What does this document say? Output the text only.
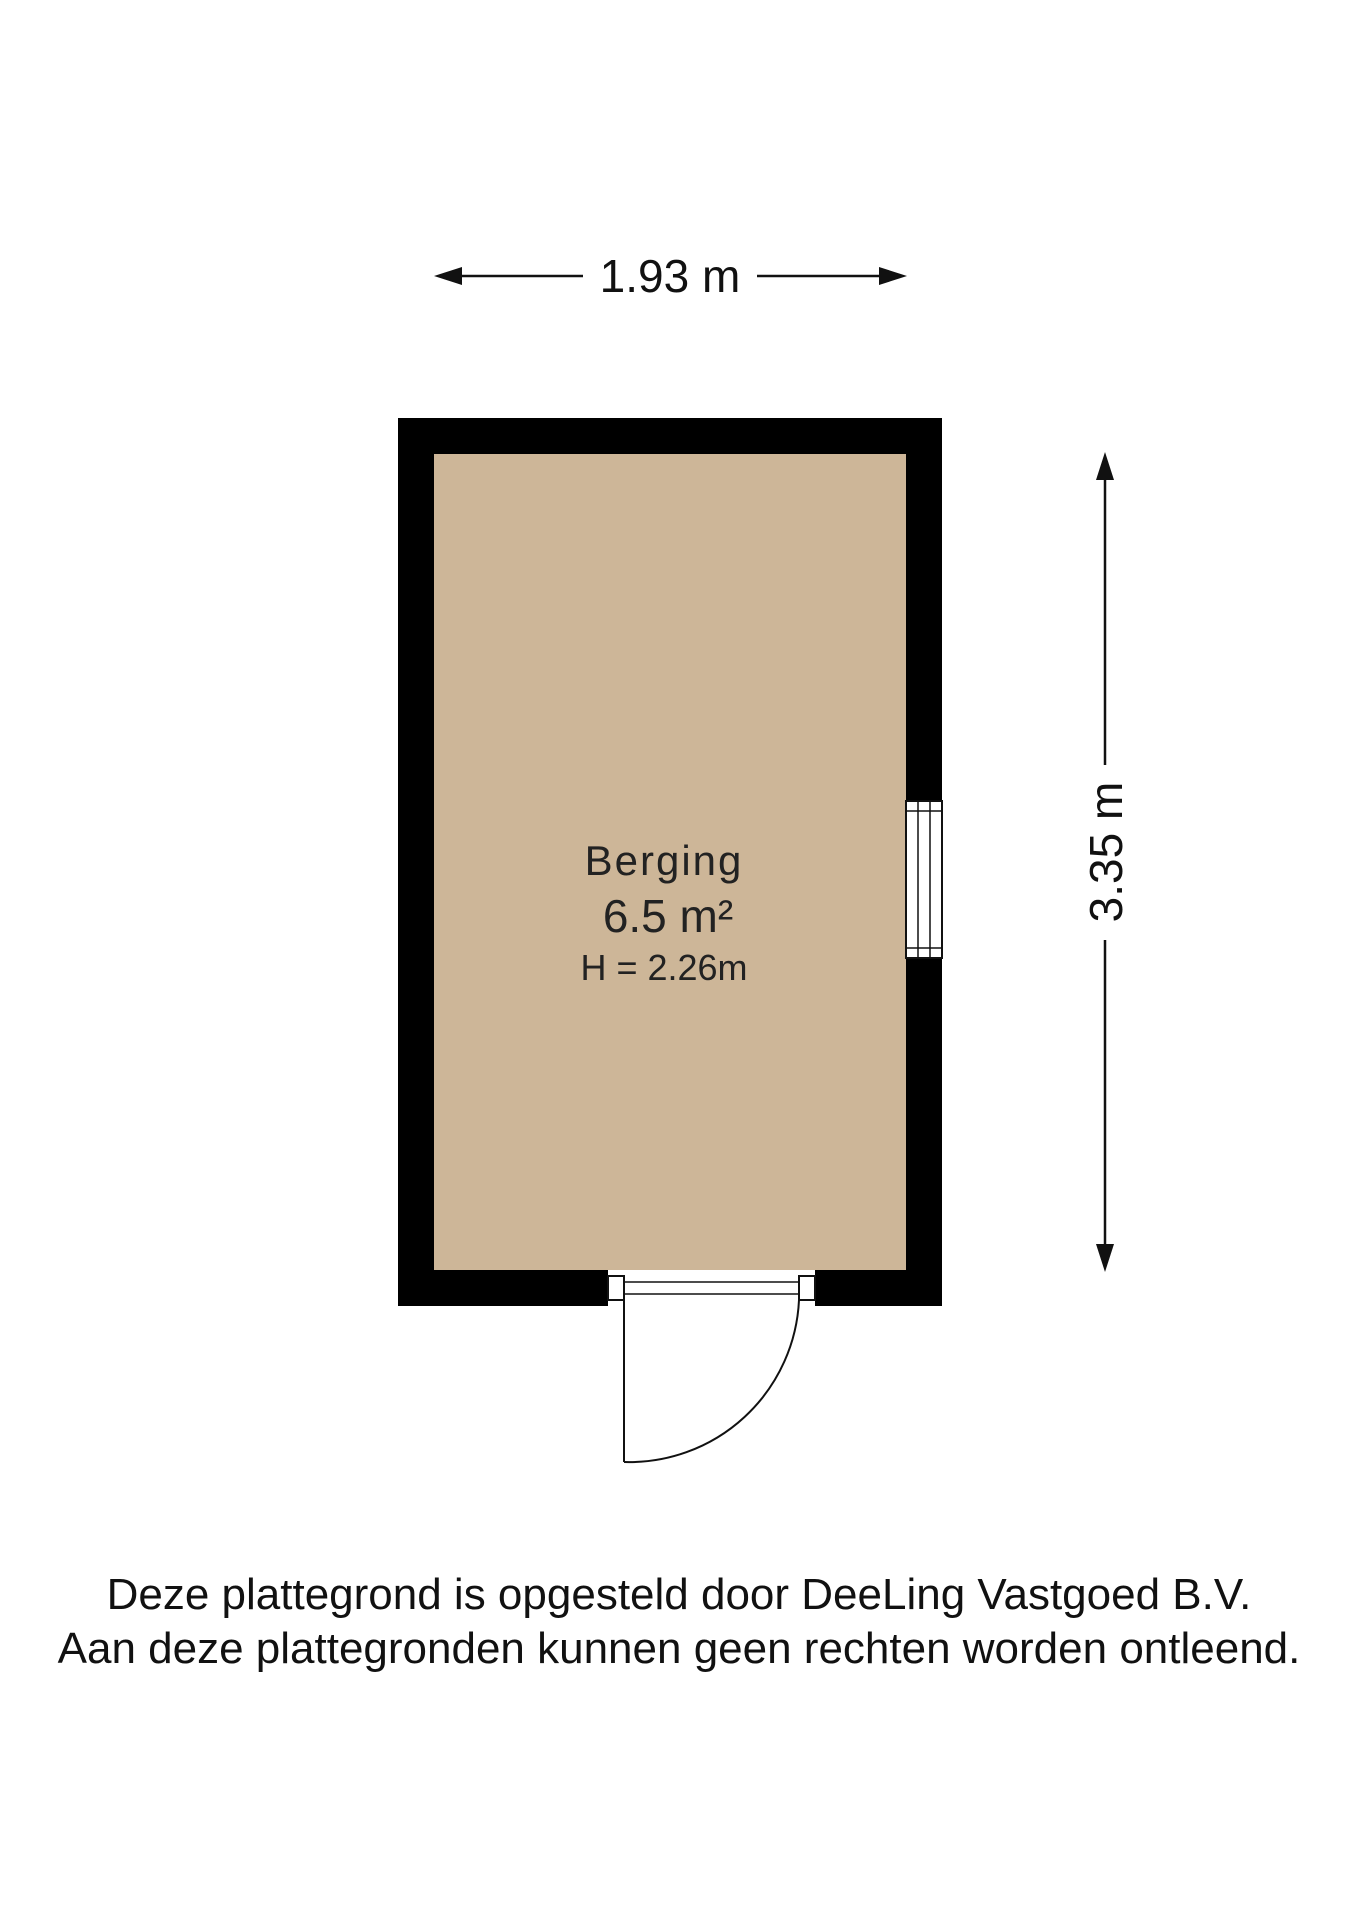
1.93 m
3.35 m
Berging
6.5 m²
H = 2.26m
Deze plattegrond is opgesteld door DeeLing Vastgoed B.V.
Aan deze plattegronden kunnen geen rechten worden ontleend.
